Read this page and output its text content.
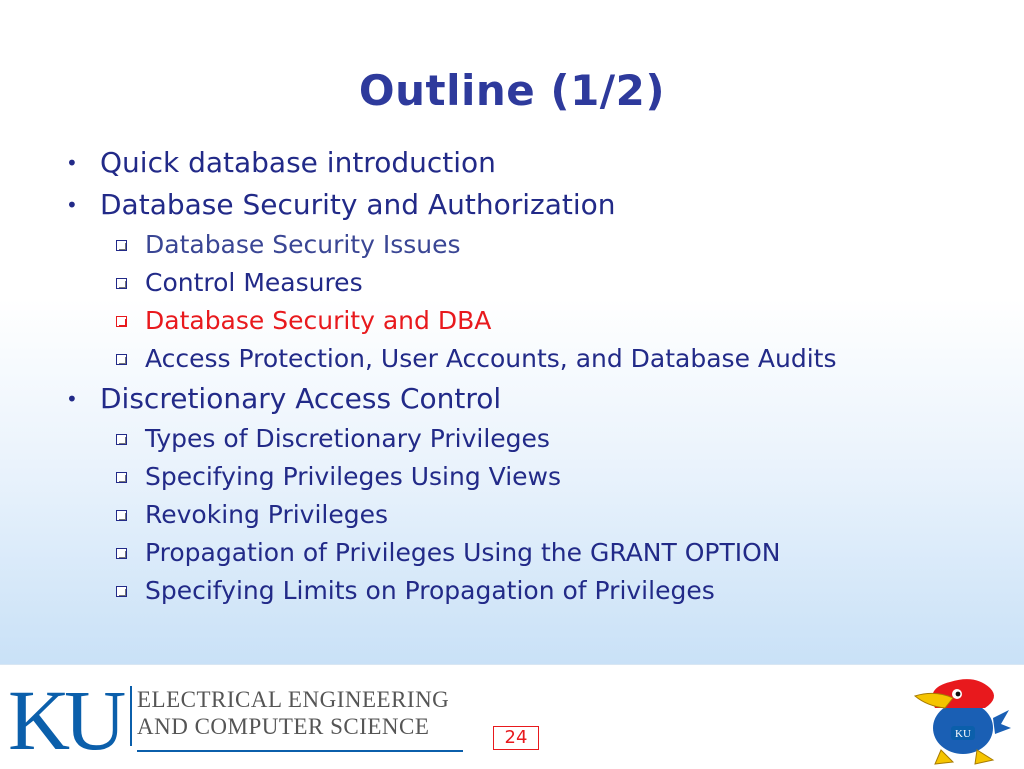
Outline (1/2)
• Quick database introduction
• Database Security and Authorization
Database Security Issues
Control Measures
Database Security and DBA
Access Protection, User Accounts, and Database Audits
• Discretionary Access Control
Types of Discretionary Privileges
Specifying Privileges Using Views
Revoking Privileges
Propagation of Privileges Using the GRANT OPTION
Specifying Limits on Propagation of Privileges
KU ELECTRICAL ENGINEERING
AND COMPUTER SCIENCE	24	KU
